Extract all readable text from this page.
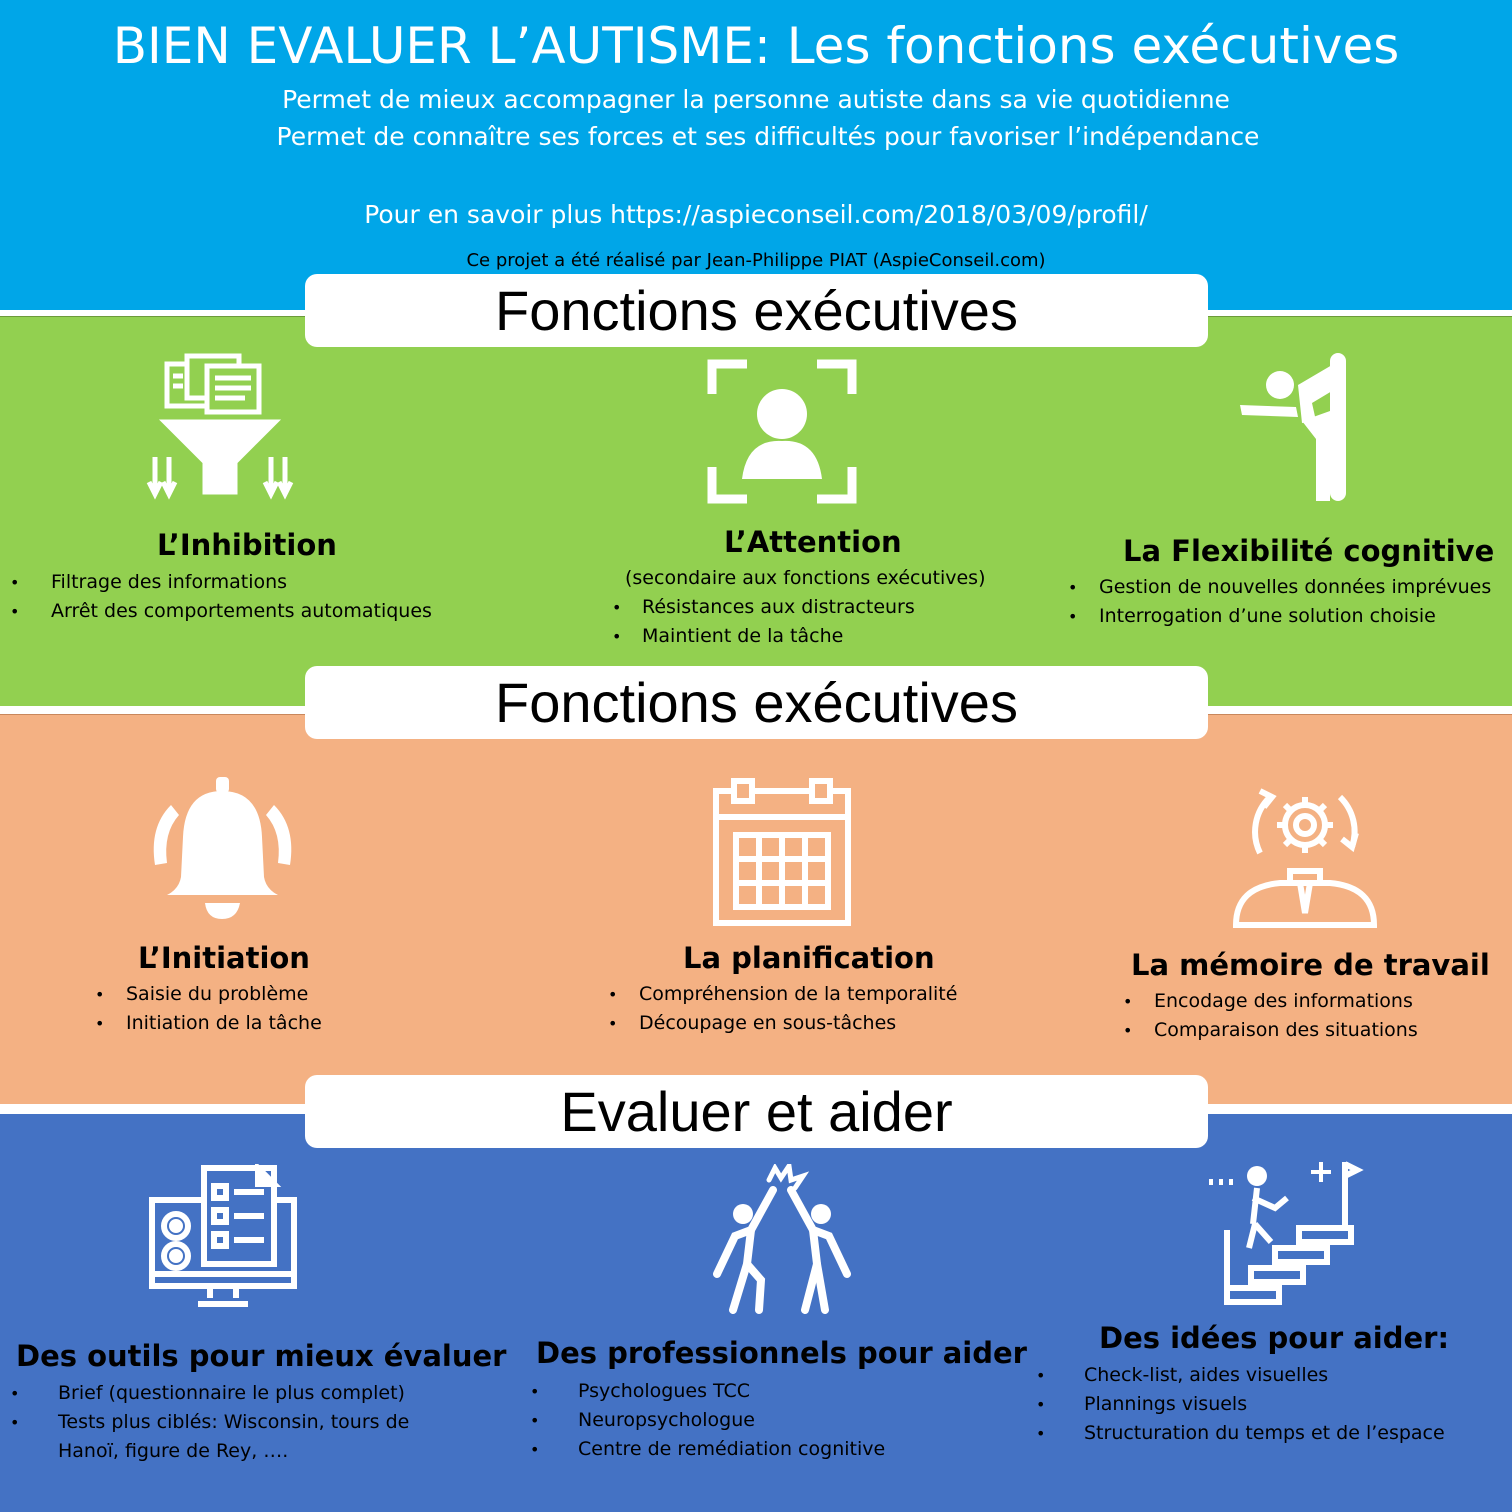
BIEN EVALUER L’AUTISME: Les fonctions exécutives
Permet de mieux accompagner la personne autiste dans sa vie quotidienne
Permet de connaître ses forces et ses difficultés pour favoriser l’indépendance
Pour en savoir plus https://aspieconseil.com/2018/03/09/profil/
Ce projet a été réalisé par Jean-Philippe PIAT (AspieConseil.com)
Fonctions exécutives
Fonctions exécutives
Evaluer et aider
L’Inhibition
• Filtrage des informations
• Arrêt des comportements automatiques
L’Attention
(secondaire aux fonctions exécutives)
• Résistances aux distracteurs
• Maintient de la tâche
La Flexibilité cognitive
• Gestion de nouvelles données imprévues
• Interrogation d’une solution choisie
L’Initiation
• Saisie du problème
• Initiation de la tâche
La planification
• Compréhension de la temporalité
• Découpage en sous-tâches
La mémoire de travail
• Encodage des informations
• Comparaison des situations
Des outils pour mieux évaluer
• Brief (questionnaire le plus complet)
• Tests plus ciblés: Wisconsin, tours de
Hanoï, figure de Rey, ….
Des professionnels pour aider
• Psychologues TCC
• Neuropsychologue
• Centre de remédiation cognitive
Des idées pour aider:
• Check-list, aides visuelles
• Plannings visuels
• Structuration du temps et de l’espace
